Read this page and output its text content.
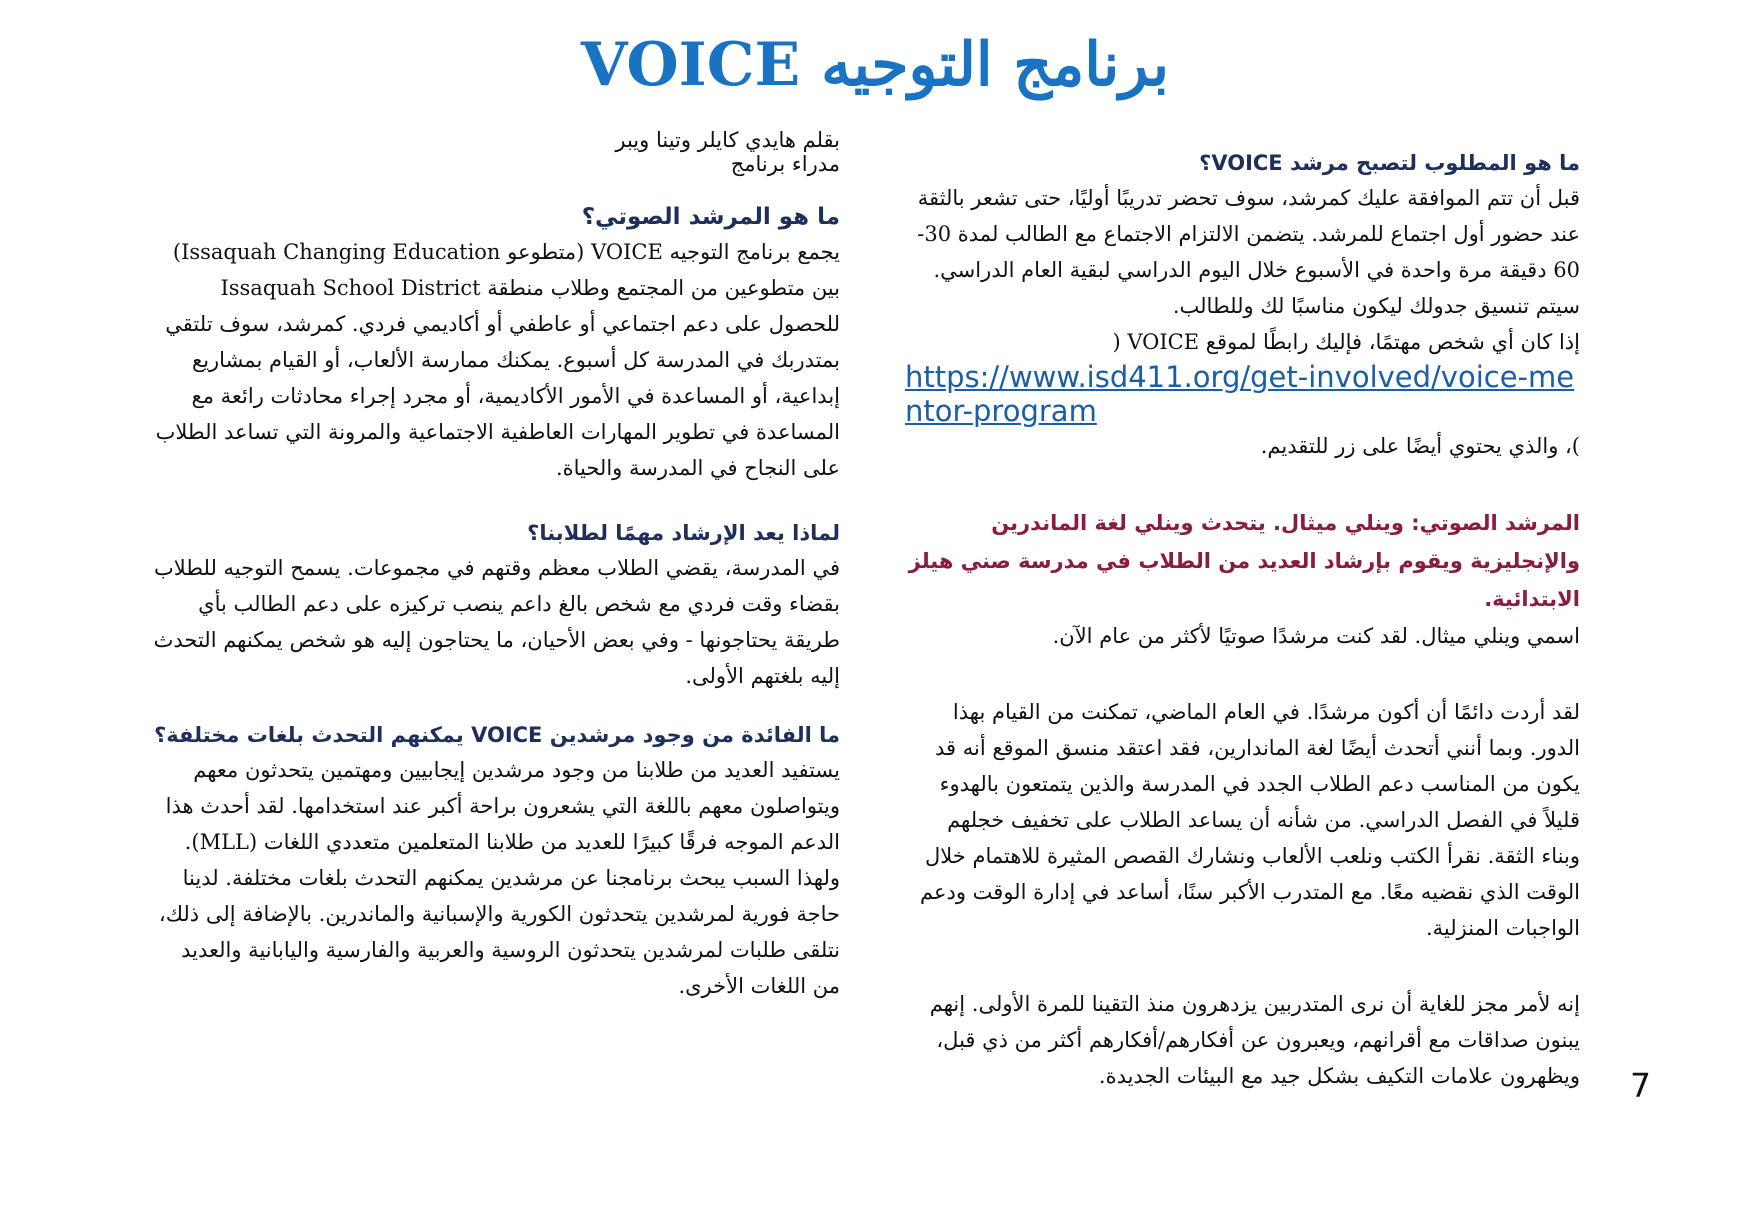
برنامج التوجيه VOICE
ما هو المطلوب لتصبح مرشد VOICE؟

قبل أن تتم الموافقة عليك كمرشد، سوف تحضر تدريبًا أوليًا، حتى تشعر بالثقة عند حضور أول اجتماع للمرشد. يتضمن الالتزام الاجتماع مع الطالب لمدة 30-60 دقيقة مرة واحدة في الأسبوع خلال اليوم الدراسي لبقية العام الدراسي. سيتم تنسيق جدولك ليكون مناسبًا لك وللطالب.

إذا كان أي شخص مهتمًا، فإليك رابطًا لموقع VOICE (
https://www.isd411.org/get-involved/voice-mentor-program
)، والذي يحتوي أيضًا على زر للتقديم.

المرشد الصوتي: وينلي ميثال. يتحدث وينلي لغة الماندرين والإنجليزية ويقوم بإرشاد العديد من الطلاب في مدرسة صني هيلز الابتدائية.

اسمي وينلي ميثال. لقد كنت مرشدًا صوتيًا لأكثر من عام الآن.

لقد أردت دائمًا أن أكون مرشدًا. في العام الماضي، تمكنت من القيام بهذا الدور. وبما أنني أتحدث أيضًا لغة الماندارين، فقد اعتقد منسق الموقع أنه قد يكون من المناسب دعم الطلاب الجدد في المدرسة والذين يتمتعون بالهدوء قليلاً في الفصل الدراسي. من شأنه أن يساعد الطلاب على تخفيف خجلهم وبناء الثقة. نقرأ الكتب ونلعب الألعاب ونشارك القصص المثيرة للاهتمام خلال الوقت الذي نقضيه معًا. مع المتدرب الأكبر سنًا، أساعد في إدارة الوقت ودعم الواجبات المنزلية.

إنه لأمر مجز للغاية أن نرى المتدربين يزدهرون منذ التقينا للمرة الأولى. إنهم يبنون صداقات مع أقرانهم، ويعبرون عن أفكارهم/أفكارهم أكثر من ذي قبل، ويظهرون علامات التكيف بشكل جيد مع البيئات الجديدة.

بقلم هايدي كايلر وتينا ويبر

مدراء برنامج

ما هو المرشد الصوتي؟

يجمع برنامج التوجيه VOICE (متطوعو Issaquah Changing Education) بين متطوعين من المجتمع وطلاب منطقة Issaquah School District للحصول على دعم اجتماعي أو عاطفي أو أكاديمي فردي. كمرشد، سوف تلتقي بمتدربك في المدرسة كل أسبوع. يمكنك ممارسة الألعاب، أو القيام بمشاريع إبداعية، أو المساعدة في الأمور الأكاديمية، أو مجرد إجراء محادثات رائعة مع المساعدة في تطوير المهارات العاطفية الاجتماعية والمرونة التي تساعد الطلاب على النجاح في المدرسة والحياة.

لماذا يعد الإرشاد مهمًا لطلابنا؟

في المدرسة، يقضي الطلاب معظم وقتهم في مجموعات. يسمح التوجيه للطلاب بقضاء وقت فردي مع شخص بالغ داعم ينصب تركيزه على دعم الطالب بأي طريقة يحتاجونها - وفي بعض الأحيان، ما يحتاجون إليه هو شخص يمكنهم التحدث إليه بلغتهم الأولى.

ما الفائدة من وجود مرشدين VOICE يمكنهم التحدث بلغات مختلفة؟

يستفيد العديد من طلابنا من وجود مرشدين إيجابيين ومهتمين يتحدثون معهم ويتواصلون معهم باللغة التي يشعرون براحة أكبر عند استخدامها. لقد أحدث هذا الدعم الموجه فرقًا كبيرًا للعديد من طلابنا المتعلمين متعددي اللغات (MLL). ولهذا السبب يبحث برنامجنا عن مرشدين يمكنهم التحدث بلغات مختلفة. لدينا حاجة فورية لمرشدين يتحدثون الكورية والإسبانية والماندرين. بالإضافة إلى ذلك، نتلقى طلبات لمرشدين يتحدثون الروسية والعربية والفارسية واليابانية والعديد من اللغات الأخرى.

7
